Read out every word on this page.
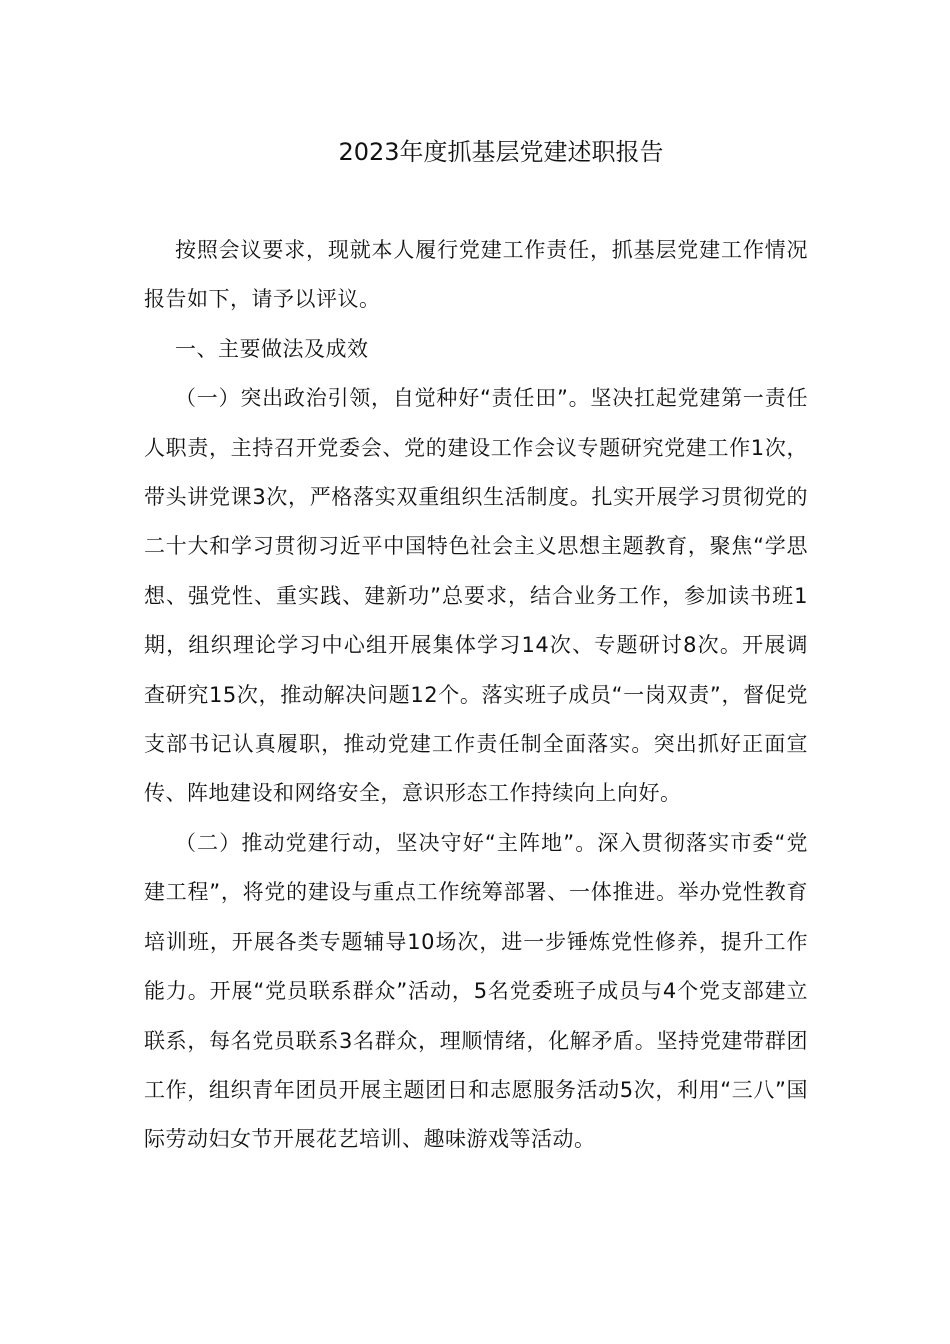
2023年度抓基层党建述职报告

按照会议要求，现就本人履行党建工作责任，抓基层党建工作情况报告如下，请予以评议。

一、主要做法及成效

（一）突出政治引领，自觉种好“责任田”。坚决扛起党建第一责任人职责，主持召开党委会、党的建设工作会议专题研究党建工作1次，带头讲党课3次，严格落实双重组织生活制度。扎实开展学习贯彻党的二十大和学习贯彻习近平中国特色社会主义思想主题教育，聚焦“学思想、强党性、重实践、建新功”总要求，结合业务工作，参加读书班1期，组织理论学习中心组开展集体学习14次、专题研讨8次。开展调查研究15次，推动解决问题12个。落实班子成员“一岗双责”，督促党支部书记认真履职，推动党建工作责任制全面落实。突出抓好正面宣传、阵地建设和网络安全，意识形态工作持续向上向好。

（二）推动党建行动，坚决守好“主阵地”。深入贯彻落实市委“党建工程”，将党的建设与重点工作统筹部署、一体推进。举办党性教育培训班，开展各类专题辅导10场次，进一步锤炼党性修养，提升工作能力。开展“党员联系群众”活动，5名党委班子成员与4个党支部建立联系，每名党员联系3名群众，理顺情绪，化解矛盾。坚持党建带群团工作，组织青年团员开展主题团日和志愿服务活动5次，利用“三八”国际劳动妇女节开展花艺培训、趣味游戏等活动。
